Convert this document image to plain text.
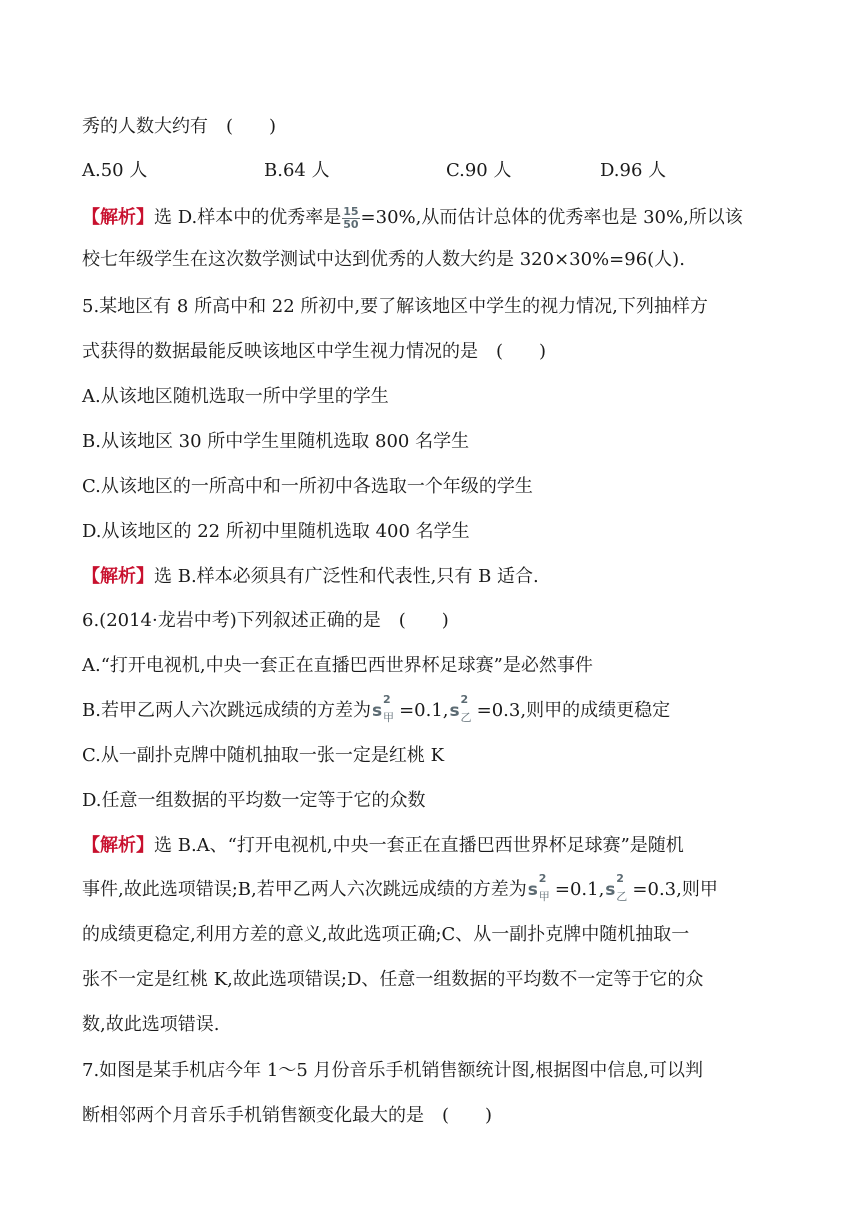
秀的人数大约有　(　　)
A.50 人	B.64 人	C.90 人	D.96 人
【解析】选 D.样本中的优秀率是 $\frac{15}{50} =30\%$,从而估计总体的优秀率也是 30%,所以该
校七年级学生在这次数学测试中达到优秀的人数大约是 320×30%=96(人).
5.某地区有 8 所高中和 22 所初中,要了解该地区中学生的视力情况,下列抽样方
式获得的数据最能反映该地区中学生视力情况的是　(　　)
A.从该地区随机选取一所中学里的学生
B.从该地区 30 所中学生里随机选取 800 名学生
C.从该地区的一所高中和一所初中各选取一个年级的学生
D.从该地区的 22 所初中里随机选取 400 名学生
【解析】选 B.样本必须具有广泛性和代表性,只有 B 适合.
6.(2014·龙岩中考)下列叙述正确的是　(　　)
A.“打开电视机,中央一套正在直播巴西世界杯足球赛”是必然事件
B.若甲乙两人六次跳远成绩的方差为s
2
甲 =0.1,s
2
乙 =0.3,则甲的成绩更稳定
C.从一副扑克牌中随机抽取一张一定是红桃 K
D.任意一组数据的平均数一定等于它的众数
【解析】选 B.A、“打开电视机,中央一套正在直播巴西世界杯足球赛”是随机
事件,故此选项错误;B,若甲乙两人六次跳远成绩的方差为s
2
甲 =0.1,s
2
乙 =0.3,则甲
的成绩更稳定,利用方差的意义,故此选项正确;C、从一副扑克牌中随机抽取一
张不一定是红桃 K,故此选项错误;D、任意一组数据的平均数不一定等于它的众
数,故此选项错误.
7.如图是某手机店今年 1～5 月份音乐手机销售额统计图,根据图中信息,可以判
断相邻两个月音乐手机销售额变化最大的是　(　　)
